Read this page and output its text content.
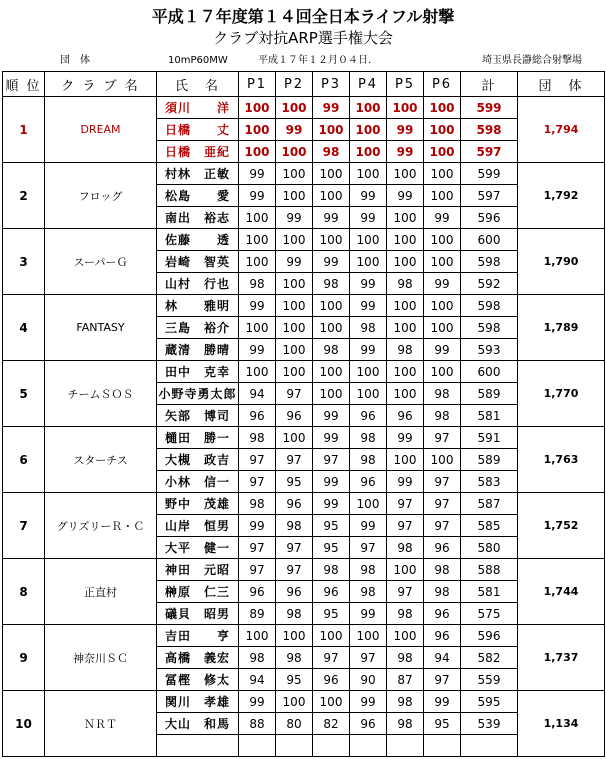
平成１７年度第１４回全日本ライフル射撃
クラブ対抗ARP選手権大会
団　体	10mP60MW	平成１７年１２月０４日.	埼玉県長瀞総合射撃場
順 位	ク ラ ブ 名	氏　名	P1	P2	P3	P4	P5	P6	計	団　体
1	DREAM	須川　　洋	100	100	99	100	100	100	599	1,794
		日橋　　丈	100	99	100	100	99	100	598	
		日橋　亜紀	100	100	98	100	99	100	597	
2	フロッグ	村林　正敏	99	100	100	100	100	100	599	1,792
		松島　　愛	99	100	100	99	99	100	597	
		南出　裕志	100	99	99	99	100	99	596	
3	スーパーＧ	佐藤　　透	100	100	100	100	100	100	600	1,790
		岩崎　智英	100	99	99	100	100	100	598	
		山村　行也	98	100	98	99	98	99	592	
4	FANTASY	林　　雅明	99	100	100	99	100	100	598	1,789
		三島　裕介	100	100	100	98	100	100	598	
		蔵清　勝晴	99	100	98	99	98	99	593	
5	チームＳＯＳ	田中　克幸	100	100	100	100	100	100	600	1,770
		小野寺勇太郎	94	97	100	100	100	98	589	
		矢部　博司	96	96	99	96	96	98	581	
6	スターチス	樋田　勝一	98	100	99	98	99	97	591	1,763
		大槻　政吉	97	97	97	98	100	100	589	
		小林　信一	97	95	99	96	99	97	583	
7	グリズリーＲ・Ｃ	野中　茂雄	98	96	99	100	97	97	587	1,752
		山岸　恒男	99	98	95	99	97	97	585	
		大平　健一	97	97	95	97	98	96	580	
8	正直村	神田　元昭	97	97	98	98	100	98	588	1,744
		榊原　仁三	96	96	96	98	97	98	581	
		礒貝　昭男	89	98	95	99	98	96	575	
9	神奈川ＳＣ	吉田　　亨	100	100	100	100	100	96	596	1,737
		高橋　義宏	98	98	97	97	98	94	582	
		冨樫　修太	94	95	96	90	87	97	559	
10	ＮＲＴ	関川　孝雄	99	100	100	99	98	99	595	1,134
		大山　和馬	88	80	82	96	98	95	539	
